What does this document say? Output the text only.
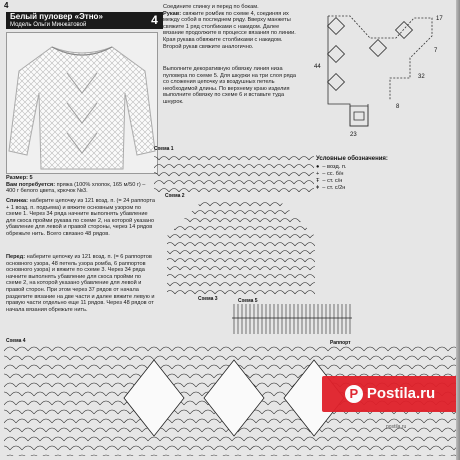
4
Белый пуловер «Этно»
Модель Ольги Минжатовой	4
Размер: 5
Вам потребуется: пряжа (100% хлопок, 165 м/50 г) – 400 г белого цвета, крючок №3.
Спинка: наберите цепочку из 121 возд. п. (= 24 раппорта + 1 возд. п. подъема) и вяжите основным узором по схеме 1. Через 34 ряда начните выполнять убавление для скоса пройми рукава по схеме 2, на которой указано убавление для левой и правой стороны, через 14 рядов обрежьте нить. Всего связано 48 рядов.
Перед: наберите цепочку из 121 возд. п. (= 6 раппортов основного узора, 48 петель узора ромба, 6 раппортов основного узора) и вяжите по схеме 3. Через 34 ряда начните выполнять убавление для скоса пройми по схеме 2, на которой указано убавление для левой и правой сторон. При этом через 37 рядов от начала разделите вязание на две части и далее вяжите левую и правую части отдельно еще 11 рядов. Через 48 рядов от начала вязания обрежьте нить.
Соедините спинку и перед по бокам.
Рукав: свяжите ромбик по схеме 4, соединяя их между собой в последнем ряду. Вверху манжеты свяжите 1 ряд столбиками с накидом. Далее вязание продолжите в процессе вязания по линии. Края рукава обвяжите столбиками с накидом. Второй рукав свяжите аналогично.
Выполните декоративную обвязку линия низа пуловера по схеме 5. Для шкурки на три слоя ряда со сложения цепочку из воздушных петель необходимой длины. По верхнему краю изделия выполните обвязку по схеме 6 и вставьте туда шнурок.
44
17
32
7
23
8
Условные обозначения:
● – возд. п.
+ – сс. б/н
Ŧ – ст. с/н
ǂ – ст. с/2н
Схема 1
Схема 2
Схема 3
Схема 4
Схема 5
Раппорт
P Postila.ru
postila.ru
